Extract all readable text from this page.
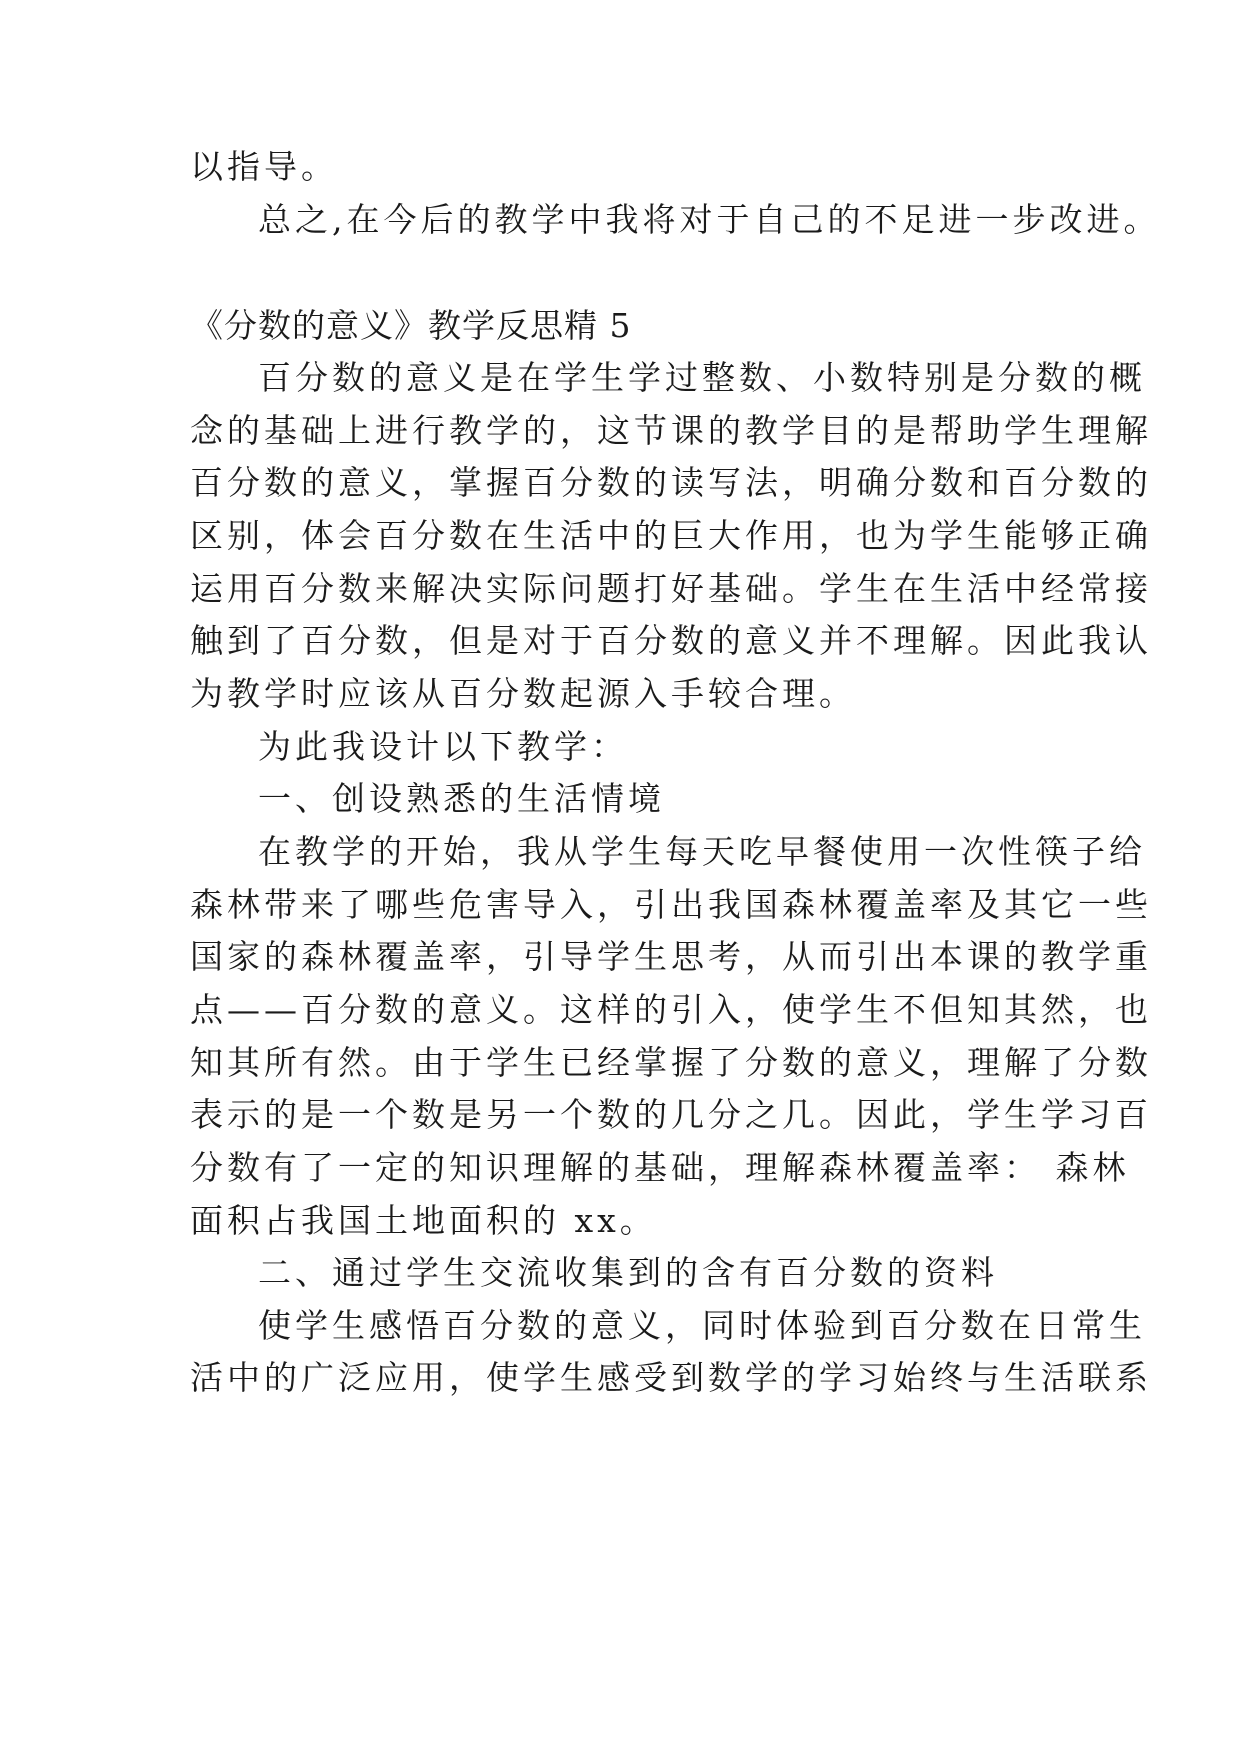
以指导。
总之,在今后的教学中我将对于自己的不足进一步改进。
《分数的意义》教学反思精 5
百分数的意义是在学生学过整数、小数特别是分数的概
念的基础上进行教学的，这节课的教学目的是帮助学生理解
百分数的意义，掌握百分数的读写法，明确分数和百分数的
区别，体会百分数在生活中的巨大作用，也为学生能够正确
运用百分数来解决实际问题打好基础。学生在生活中经常接
触到了百分数，但是对于百分数的意义并不理解。因此我认
为教学时应该从百分数起源入手较合理。
为此我设计以下教学：
一、创设熟悉的生活情境
在教学的开始，我从学生每天吃早餐使用一次性筷子给
森林带来了哪些危害导入，引出我国森林覆盖率及其它一些
国家的森林覆盖率，引导学生思考，从而引出本课的教学重
点——百分数的意义。这样的引入，使学生不但知其然，也
知其所有然。由于学生已经掌握了分数的意义，理解了分数
表示的是一个数是另一个数的几分之几。因此，学生学习百
分数有了一定的知识理解的基础，理解森林覆盖率： 森林
面积占我国土地面积的 xx。
二、通过学生交流收集到的含有百分数的资料
使学生感悟百分数的意义，同时体验到百分数在日常生
活中的广泛应用，使学生感受到数学的学习始终与生活联系
